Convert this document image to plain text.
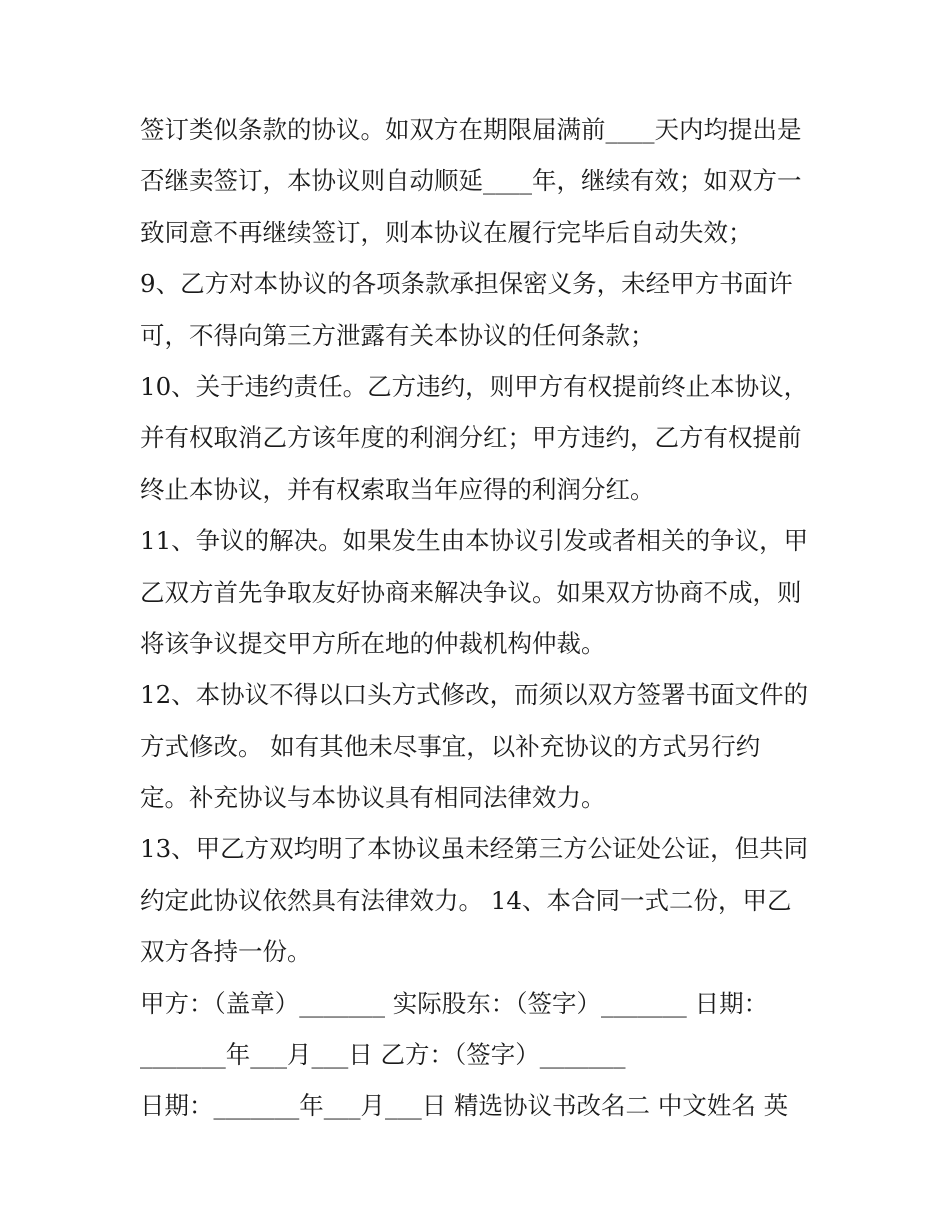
签订类似条款的协议。如双方在期限届满前____天内均提出是
否继卖签订，本协议则自动顺延____年，继续有效；如双方一
致同意不再继续签订，则本协议在履行完毕后自动失效；
9、乙方对本协议的各项条款承担保密义务，未经甲方书面许
可，不得向第三方泄露有关本协议的任何条款；
10、关于违约责任。乙方违约，则甲方有权提前终止本协议，
并有权取消乙方该年度的利润分红；甲方违约，乙方有权提前
终止本协议，并有权索取当年应得的利润分红。
11、争议的解决。如果发生由本协议引发或者相关的争议，甲
乙双方首先争取友好协商来解决争议。如果双方协商不成，则
将该争议提交甲方所在地的仲裁机构仲裁。
12、本协议不得以口头方式修改，而须以双方签署书面文件的
方式修改。 如有其他未尽事宜，以补充协议的方式另行约
定。补充协议与本协议具有相同法律效力。
13、甲乙方双均明了本协议虽未经第三方公证处公证，但共同
约定此协议依然具有法律效力。 14、本合同一式二份，甲乙
双方各持一份。
甲方：（盖章）_______ 实际股东：（签字）_______ 日期：
_______年___月___日 乙方：（签字）_______
日期：_______年___月___日 精选协议书改名二 中文姓名 英
